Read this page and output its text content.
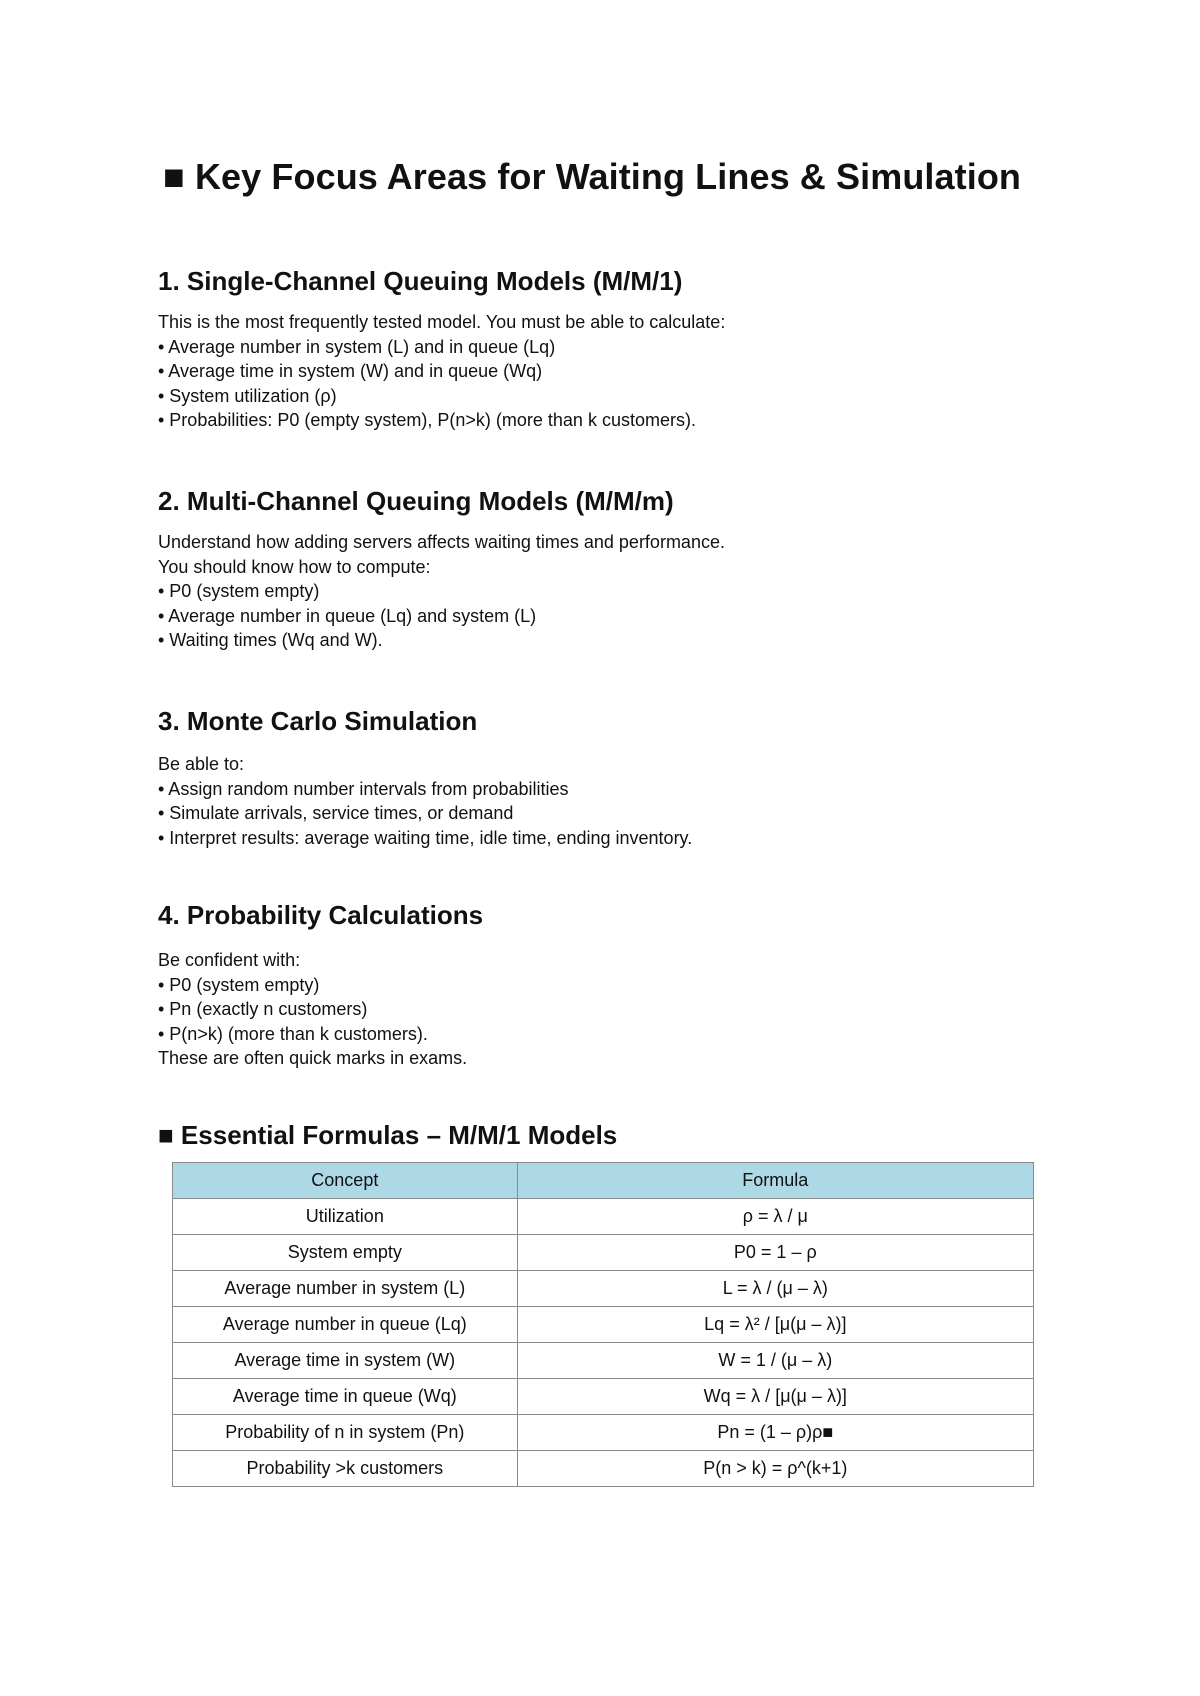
■ Key Focus Areas for Waiting Lines & Simulation
1. Single-Channel Queuing Models (M/M/1)
This is the most frequently tested model. You must be able to calculate:
• Average number in system (L) and in queue (Lq)
• Average time in system (W) and in queue (Wq)
• System utilization (ρ)
• Probabilities: P0 (empty system), P(n>k) (more than k customers).
2. Multi-Channel Queuing Models (M/M/m)
Understand how adding servers affects waiting times and performance.
You should know how to compute:
• P0 (system empty)
• Average number in queue (Lq) and system (L)
• Waiting times (Wq and W).
3. Monte Carlo Simulation
Be able to:
• Assign random number intervals from probabilities
• Simulate arrivals, service times, or demand
• Interpret results: average waiting time, idle time, ending inventory.
4. Probability Calculations
Be confident with:
• P0 (system empty)
• Pn (exactly n customers)
• P(n>k) (more than k customers).
These are often quick marks in exams.
■ Essential Formulas – M/M/1 Models
Concept	Formula
Utilization	ρ = λ / μ
System empty	P0 = 1 – ρ
Average number in system (L)	L = λ / (μ – λ)
Average number in queue (Lq)	Lq = λ² / [μ(μ – λ)]
Average time in system (W)	W = 1 / (μ – λ)
Average time in queue (Wq)	Wq = λ / [μ(μ – λ)]
Probability of n in system (Pn)	Pn = (1 – ρ)ρ■
Probability >k customers	P(n > k) = ρ^(k+1)
